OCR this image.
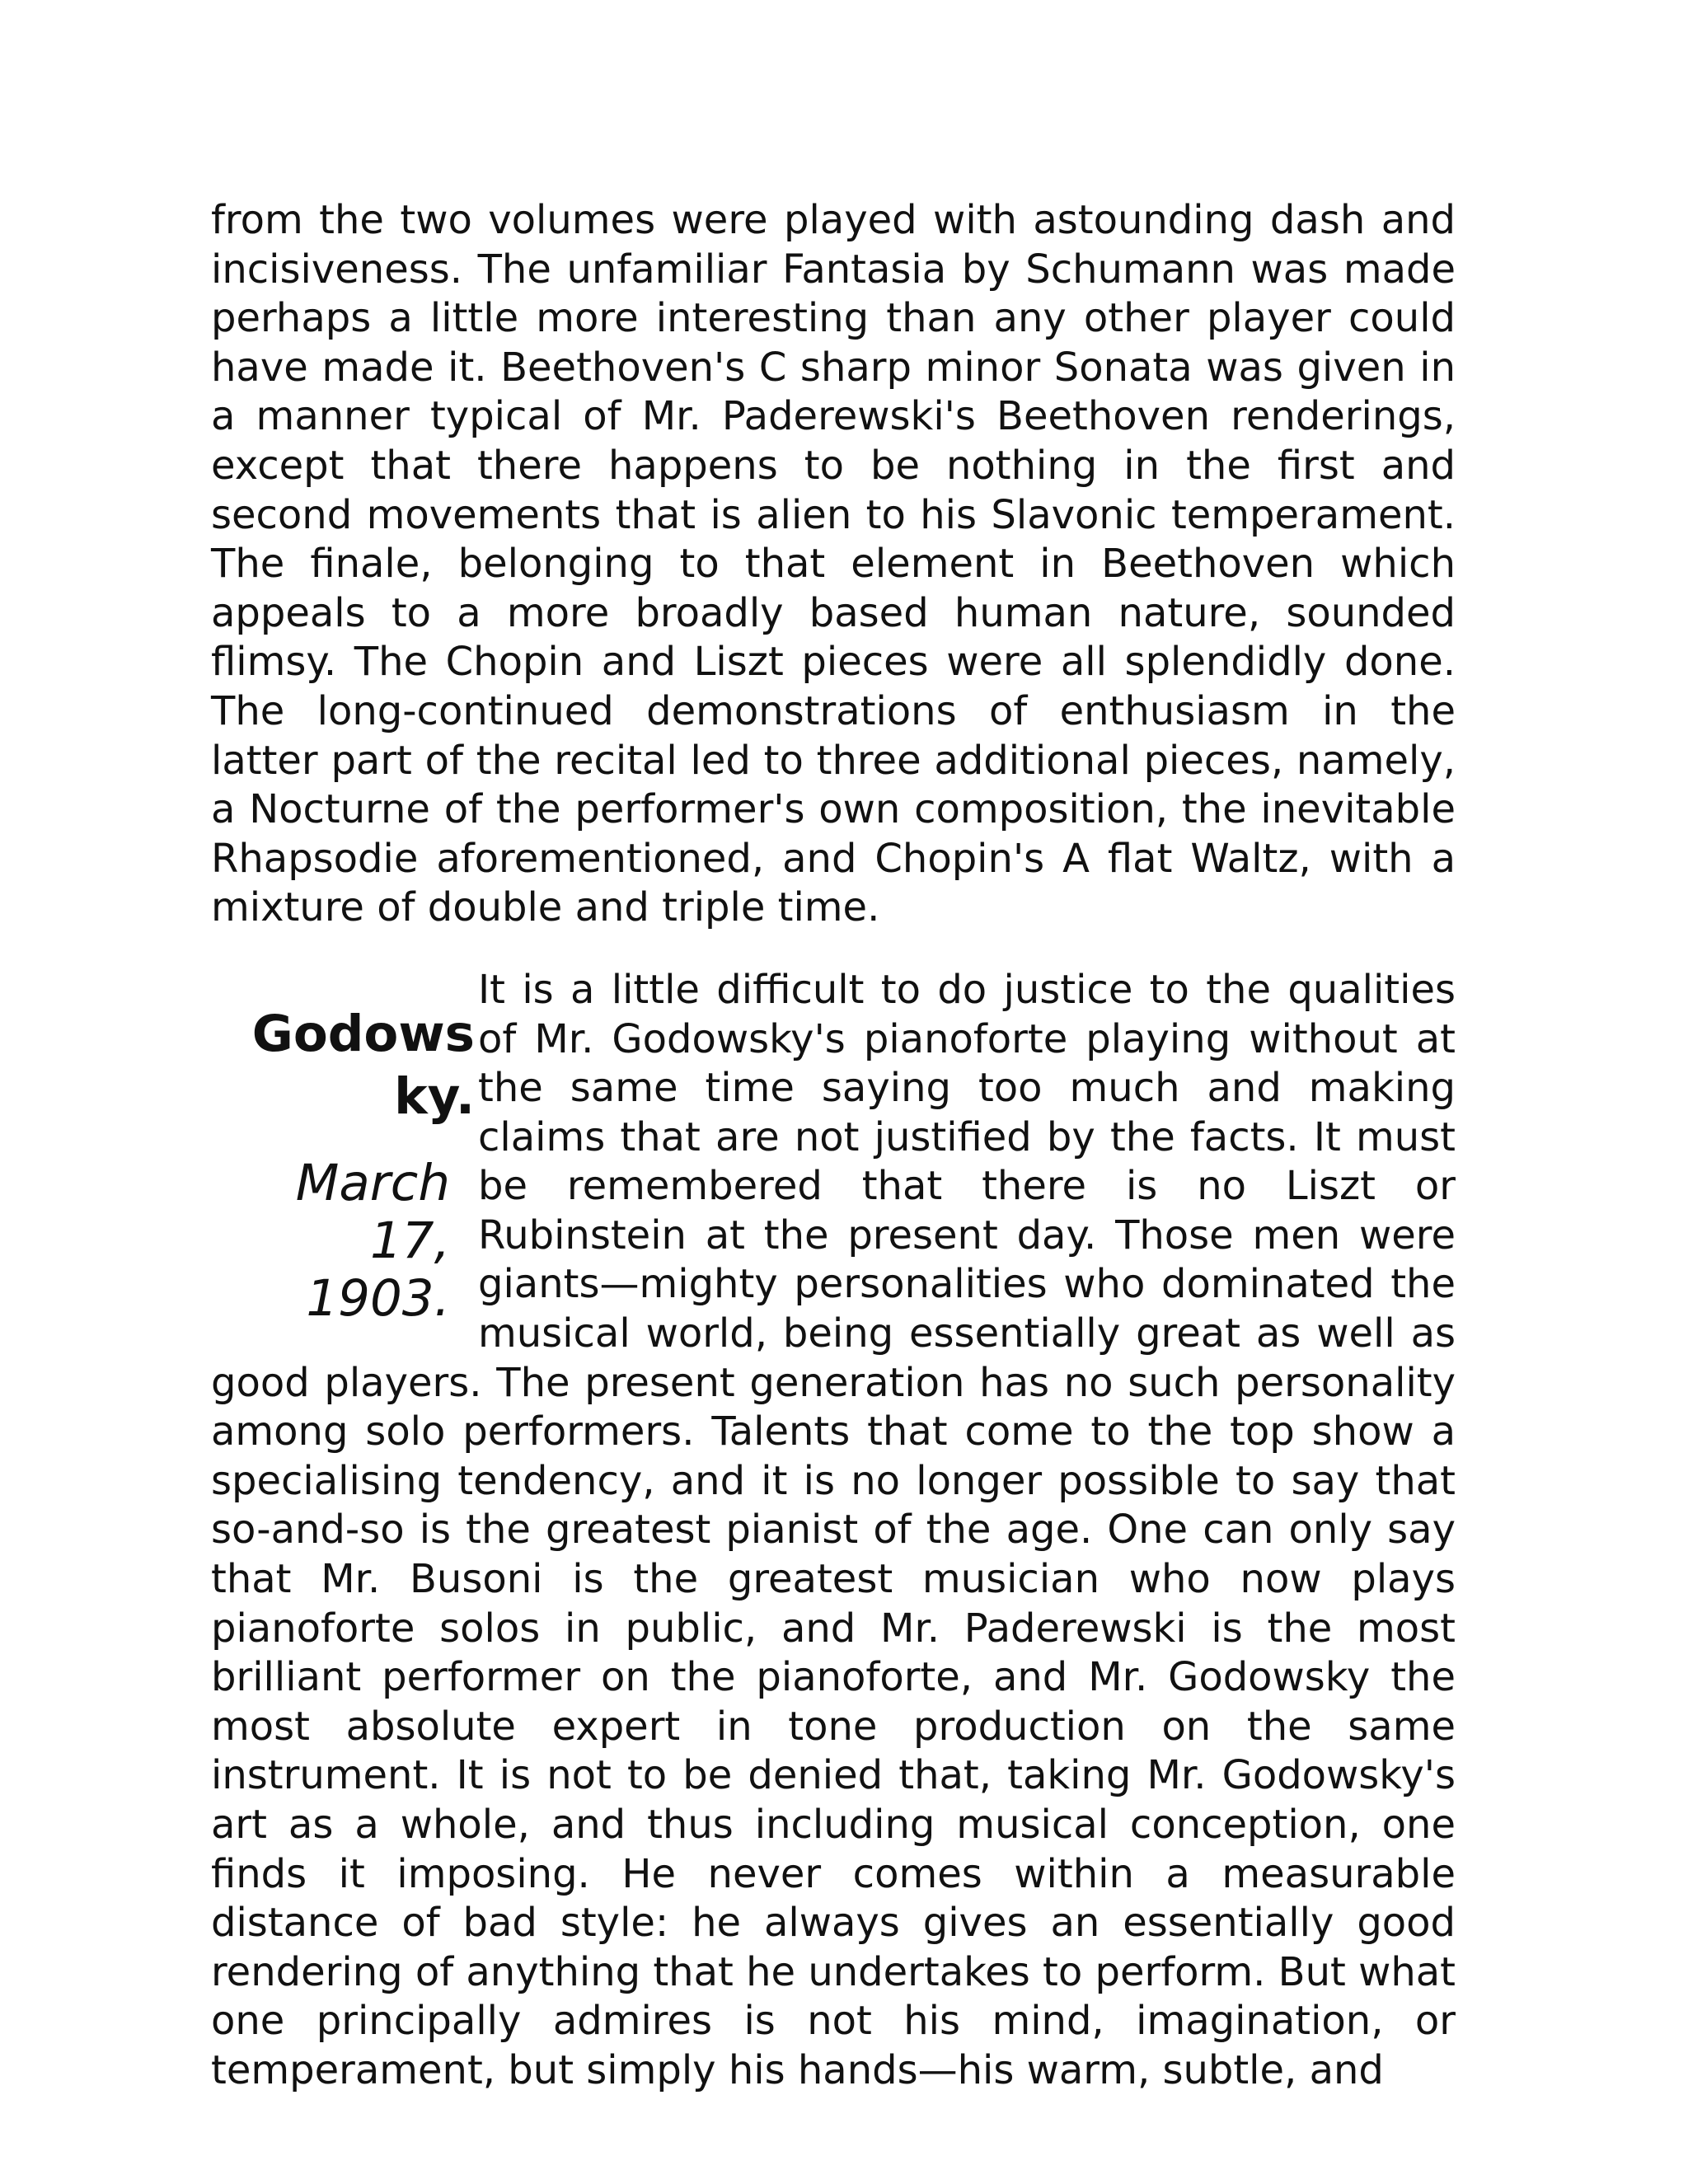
from the two volumes were played with astounding dash and incisiveness. The unfamiliar Fantasia by Schumann was made perhaps a little more interesting than any other player could have made it. Beethoven's C sharp minor Sonata was given in a manner typical of Mr. Paderewski's Beethoven renderings, except that there happens to be nothing in the first and second movements that is alien to his Slavonic temperament. The finale, belonging to that element in Beethoven which appeals to a more broadly based human nature, sounded flimsy. The Chopin and Liszt pieces were all splendidly done. The long-continued demonstrations of enthusiasm in the latter part of the recital led to three additional pieces, namely, a Nocturne of the performer's own composition, the inevitable Rhapsodie aforementioned, and Chopin's A flat Waltz, with a mixture of double and triple time.

Godowsky.
March 17, 1903.

It is a little difficult to do justice to the qualities of Mr. Godowsky's pianoforte playing without at the same time saying too much and making claims that are not justified by the facts. It must be remembered that there is no Liszt or Rubinstein at the present day. Those men were giants—mighty personalities who dominated the musical world, being essentially great as well as good players. The present generation has no such personality among solo performers. Talents that come to the top show a specialising tendency, and it is no longer possible to say that so-and-so is the greatest pianist of the age. One can only say that Mr. Busoni is the greatest musician who now plays pianoforte solos in public, and Mr. Paderewski is the most brilliant performer on the pianoforte, and Mr. Godowsky the most absolute expert in tone production on the same instrument. It is not to be denied that, taking Mr. Godowsky's art as a whole, and thus including musical conception, one finds it imposing. He never comes within a measurable distance of bad style: he always gives an essentially good rendering of anything that he undertakes to perform. But what one principally admires is not his mind, imagination, or temperament, but simply his hands—his warm, subtle, and
